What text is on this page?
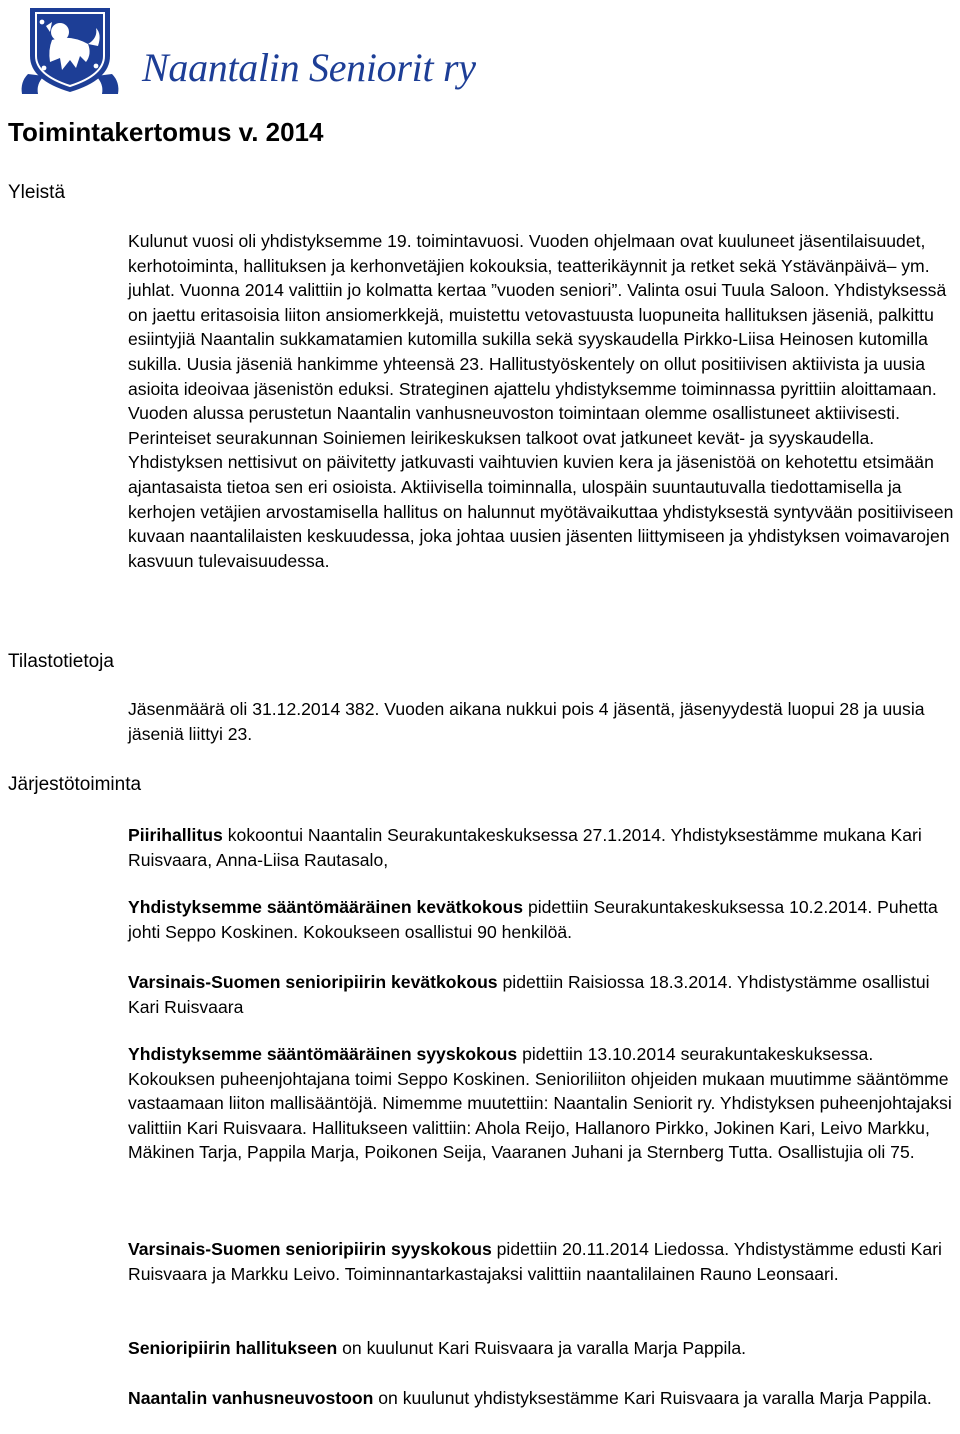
Naantalin Seniorit ry
Toimintakertomus v. 2014
Yleistä

Kulunut vuosi oli yhdistyksemme 19. toimintavuosi. Vuoden ohjelmaan ovat kuuluneet jäsentilaisuudet, kerhotoiminta, hallituksen ja kerhonvetäjien kokouksia, teatterikäynnit ja retket sekä Ystävänpäivä– ym. juhlat. Vuonna 2014 valittiin jo kolmatta kertaa ”vuoden seniori”. Valinta osui Tuula Saloon. Yhdistyksessä on jaettu eritasoisia liiton ansiomerkkejä, muistettu vetovastuusta luopuneita hallituksen jäseniä, palkittu esiintyjiä Naantalin sukkamatamien kutomilla sukilla sekä syyskaudella Pirkko-Liisa Heinosen kutomilla sukilla. Uusia jäseniä hankimme yhteensä 23. Hallitustyöskentely on ollut positiivisen aktiivista ja uusia asioita ideoivaa jäsenistön eduksi. Strateginen ajattelu yhdistyksemme toiminnassa pyrittiin aloittamaan. Vuoden alussa perustetun Naantalin vanhusneuvoston toimintaan olemme osallistuneet aktiivisesti. Perinteiset seurakunnan Soiniemen leirikeskuksen talkoot ovat jatkuneet kevät- ja syyskaudella. Yhdistyksen nettisivut on päivitetty jatkuvasti vaihtuvien kuvien kera ja jäsenistöä on kehotettu etsimään ajantasaista tietoa sen eri osioista. Aktiivisella toiminnalla, ulospäin suuntautuvalla tiedottamisella ja kerhojen vetäjien arvostamisella hallitus on halunnut myötävaikuttaa yhdistyksestä syntyvään positiiviseen kuvaan naantalilaisten keskuudessa, joka johtaa uusien jäsenten liittymiseen ja yhdistyksen voimavarojen kasvuun tulevaisuudessa.

Tilastotietoja

Jäsenmäärä oli 31.12.2014 382. Vuoden aikana nukkui pois 4 jäsentä, jäsenyydestä luopui 28 ja uusia jäseniä liittyi 23.

Järjestötoiminta

Piirihallitus kokoontui Naantalin Seurakuntakeskuksessa 27.1.2014. Yhdistyksestämme mukana Kari Ruisvaara, Anna-Liisa Rautasalo,

Yhdistyksemme sääntömääräinen kevätkokous pidettiin Seurakuntakeskuksessa 10.2.2014. Puhetta johti Seppo Koskinen. Kokoukseen osallistui 90 henkilöä.

Varsinais-Suomen senioripiirin kevätkokous pidettiin Raisiossa 18.3.2014. Yhdistystämme osallistui Kari Ruisvaara

Yhdistyksemme sääntömääräinen syyskokous pidettiin 13.10.2014 seurakuntakeskuksessa. Kokouksen puheenjohtajana toimi Seppo Koskinen. Senioriliiton ohjeiden mukaan muutimme sääntömme vastaamaan liiton mallisääntöjä. Nimemme muutettiin: Naantalin Seniorit ry. Yhdistyksen puheenjohtajaksi valittiin Kari Ruisvaara. Hallitukseen valittiin: Ahola Reijo, Hallanoro Pirkko, Jokinen Kari, Leivo Markku, Mäkinen Tarja, Pappila Marja, Poikonen Seija, Vaaranen Juhani ja Sternberg Tutta. Osallistujia oli 75.

Varsinais-Suomen senioripiirin syyskokous pidettiin 20.11.2014 Liedossa. Yhdistystämme edusti Kari Ruisvaara ja Markku Leivo. Toiminnantarkastajaksi valittiin naantalilainen Rauno Leonsaari.

Senioripiirin hallitukseen on kuulunut Kari Ruisvaara ja varalla Marja Pappila.

Naantalin vanhusneuvostoon on kuulunut yhdistyksestämme Kari Ruisvaara ja varalla Marja Pappila.
